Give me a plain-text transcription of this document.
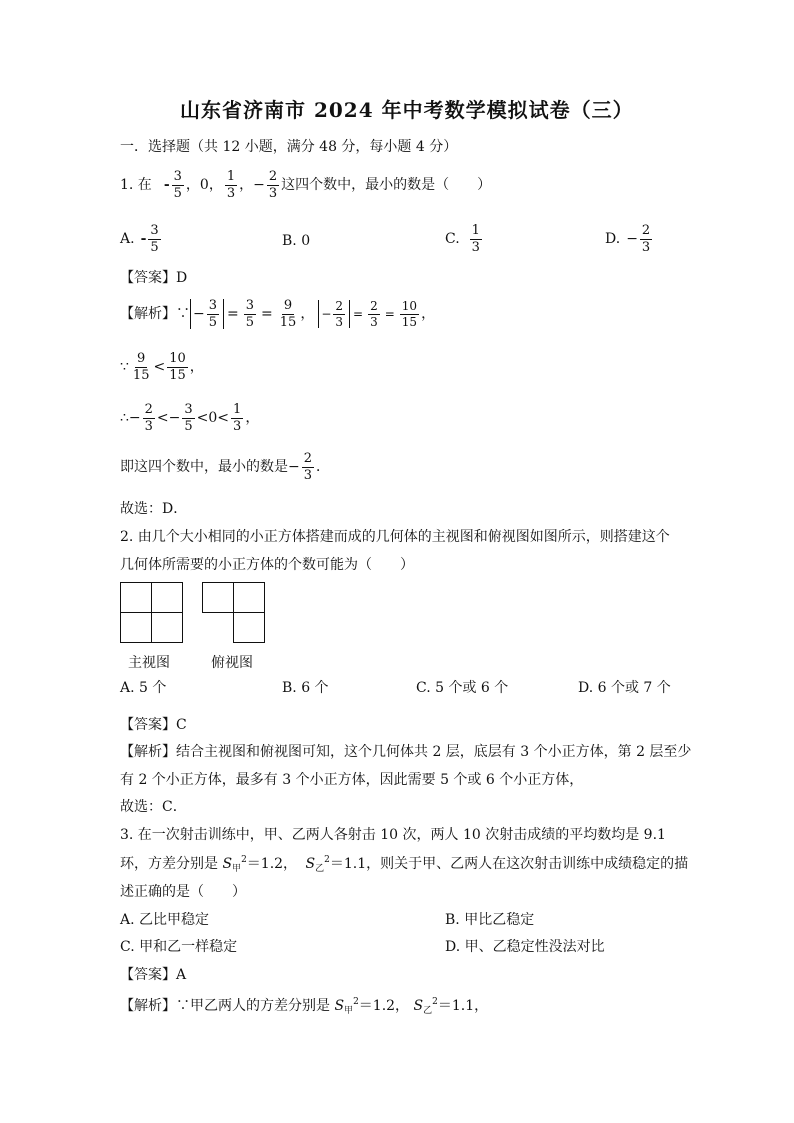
山东省济南市 2024 年中考数学模拟试卷（三）
一．选择题（共 12 小题，满分 48 分，每小题 4 分）
1. 在 - $\frac{3}{5}$ ，0， $\frac{1}{3}$ ， − $\frac{2}{3}$ 这四个数中，最小的数是（　　）
A. - $\frac{3}{5}$	B. 0	C. $\frac{1}{3}$	D. − $\frac{2}{3}$
【答案】D
【解析】∵ − $\frac{3}{5} = \frac{3}{5} = \frac{9}{15}$ ， − $\frac{2}{3} = \frac{2}{3} = \frac{10}{15}$ ，
∵ $\frac{9}{15} < \frac{10}{15}$ ，
∴− $\frac{2}{3} <- \frac{3}{5} <0< \frac{1}{3}$ ，
即这四个数中，最小的数是− $\frac{2}{3}$ ．
故选：D．
2. 由几个大小相同的小正方体搭建而成的几何体的主视图和俯视图如图所示，则搭建这个
几何体所需要的小正方体的个数可能为（　　）
主视图	俯视图
A. 5 个	B. 6 个	C. 5 个或 6 个	D. 6 个或 7 个
【答案】C
【解析】结合主视图和俯视图可知，这个几何体共 2 层，底层有 3 个小正方体，第 2 层至少
有 2 个小正方体，最多有 3 个小正方体，因此需要 5 个或 6 个小正方体，
故选：C．
3. 在一次射击训练中，甲、乙两人各射击 10 次，两人 10 次射击成绩的平均数均是 9.1
环，方差分别是 $S_甲^2=1.2$， $S_乙^2=1.1$，则关于甲、乙两人在这次射击训练中成绩稳定的描
述正确的是（　　）
A. 乙比甲稳定	B. 甲比乙稳定
C. 甲和乙一样稳定	D. 甲、乙稳定性没法对比
【答案】A
【解析】∵甲乙两人的方差分别是 $S_甲^2=1.2$， $S_乙^2=1.1$，
